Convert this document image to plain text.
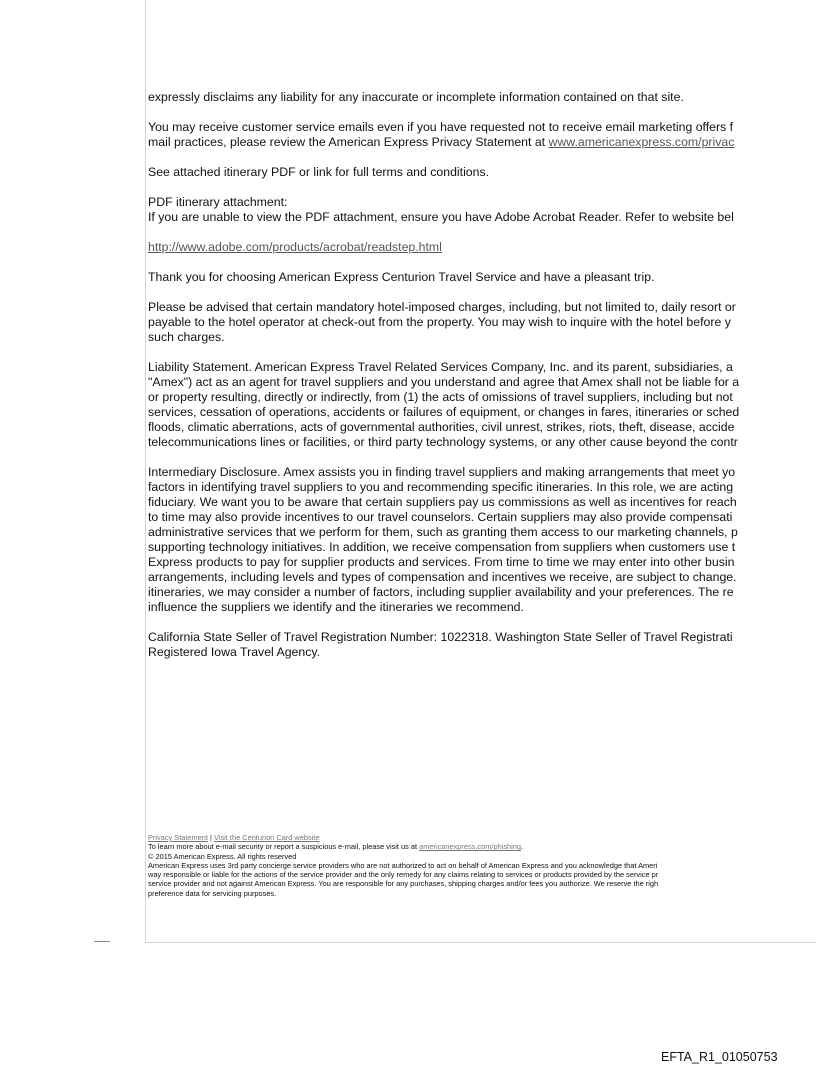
expressly disclaims any liability for any inaccurate or incomplete information contained on that site.

You may receive customer service emails even if you have requested not to receive email marketing offers f
mail practices, please review the American Express Privacy Statement at www.americanexpress.com/privac

See attached itinerary PDF or link for full terms and conditions.

PDF itinerary attachment:
If you are unable to view the PDF attachment, ensure you have Adobe Acrobat Reader. Refer to website bel

http://www.adobe.com/products/acrobat/readstep.html

Thank you for choosing American Express Centurion Travel Service and have a pleasant trip.

Please be advised that certain mandatory hotel-imposed charges, including, but not limited to, daily resort or
payable to the hotel operator at check-out from the property. You may wish to inquire with the hotel before y
such charges.

Liability Statement. American Express Travel Related Services Company, Inc. and its parent, subsidiaries, a
"Amex") act as an agent for travel suppliers and you understand and agree that Amex shall not be liable for a
or property resulting, directly or indirectly, from (1) the acts of omissions of travel suppliers, including but not
services, cessation of operations, accidents or failures of equipment, or changes in fares, itineraries or sched
floods, climatic aberrations, acts of governmental authorities, civil unrest, strikes, riots, theft, disease, accide
telecommunications lines or facilities, or third party technology systems, or any other cause beyond the contr

Intermediary Disclosure. Amex assists you in finding travel suppliers and making arrangements that meet yo
factors in identifying travel suppliers to you and recommending specific itineraries. In this role, we are acting
fiduciary. We want you to be aware that certain suppliers pay us commissions as well as incentives for reach
to time may also provide incentives to our travel counselors. Certain suppliers may also provide compensati
administrative services that we perform for them, such as granting them access to our marketing channels, p
supporting technology initiatives. In addition, we receive compensation from suppliers when customers use t
Express products to pay for supplier products and services. From time to time we may enter into other busin
arrangements, including levels and types of compensation and incentives we receive, are subject to change.
itineraries, we may consider a number of factors, including supplier availability and your preferences. The re
influence the suppliers we identify and the itineraries we recommend.

California State Seller of Travel Registration Number: 1022318. Washington State Seller of Travel Registrati
Registered Iowa Travel Agency.

Privacy Statement | Visit the Centurion Card website
To learn more about e-mail security or report a suspicious e-mail, please visit us at americanexpress.com/phishing.
© 2015 American Express. All rights reserved
American Express uses 3rd party concierge service providers who are not authorized to act on behalf of American Express and you acknowledge that Ameri
way responsible or liable for the actions of the service provider and the only remedy for any claims relating to services or products provided by the service pr
service provider and not against American Express. You are responsible for any purchases, shipping charges and/or fees you authorize. We reserve the righ
preference data for servicing purposes.
EFTA_R1_01050753
